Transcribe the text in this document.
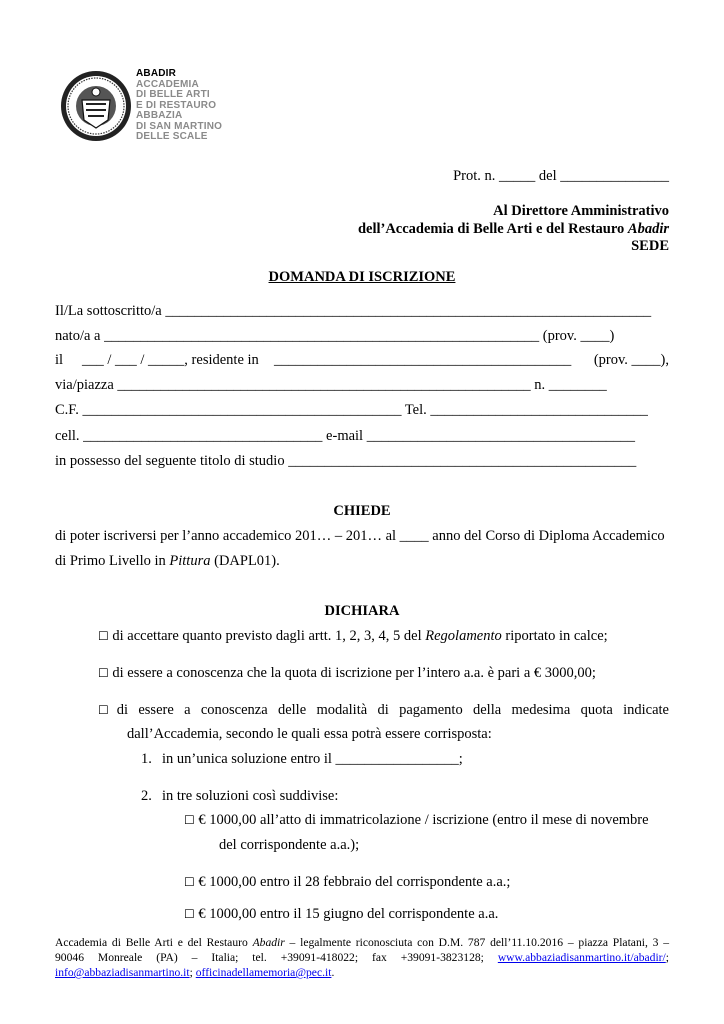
ABADIR
ACCADEMIA
DI BELLE ARTI
E DI RESTAURO
ABBAZIA
DI SAN MARTINO
DELLE SCALE
Prot. n. _____ del _______________
Al Direttore Amministrativo
dell’Accademia di Belle Arti e del Restauro Abadir
SEDE
DOMANDA DI ISCRIZIONE
Il/La sottoscritto/a ___________________________________________________________________
nato/a a ____________________________________________________________ (prov. ____)
il ___ / ___ / _____, residente in _________________________________________ (prov. ____),
via/piazza _________________________________________________________ n. ________
C.F. ____________________________________________ Tel. ______________________________
cell. _________________________________ e-mail _____________________________________
in possesso del seguente titolo di studio ________________________________________________
CHIEDE
di poter iscriversi per l’anno accademico 201… – 201… al ____ anno del Corso di Diploma Accademico
di Primo Livello in Pittura (DAPL01).
DICHIARA
☐ di accettare quanto previsto dagli artt. 1, 2, 3, 4, 5 del Regolamento riportato in calce;
☐ di essere a conoscenza che la quota di iscrizione per l’intero a.a. è pari a € 3000,00;
☐ di essere a conoscenza delle modalità di pagamento della medesima quota indicate
dall’Accademia, secondo le quali essa potrà essere corrisposta:
1. in un’unica soluzione entro il _________________;
2. in tre soluzioni così suddivise:
☐ € 1000,00 all’atto di immatricolazione / iscrizione (entro il mese di novembre
del corrispondente a.a.);
☐ € 1000,00 entro il 28 febbraio del corrispondente a.a.;
☐ € 1000,00 entro il 15 giugno del corrispondente a.a.
Accademia di Belle Arti e del Restauro Abadir – legalmente riconosciuta con D.M. 787 dell’11.10.2016 – piazza Platani, 3 –
90046 Monreale (PA) – Italia; tel. +39091-418022; fax +39091-3823128; www.abbaziadisanmartino.it/abadir/;
info@abbaziadisanmartino.it; officinadellamemoria@pec.it.
